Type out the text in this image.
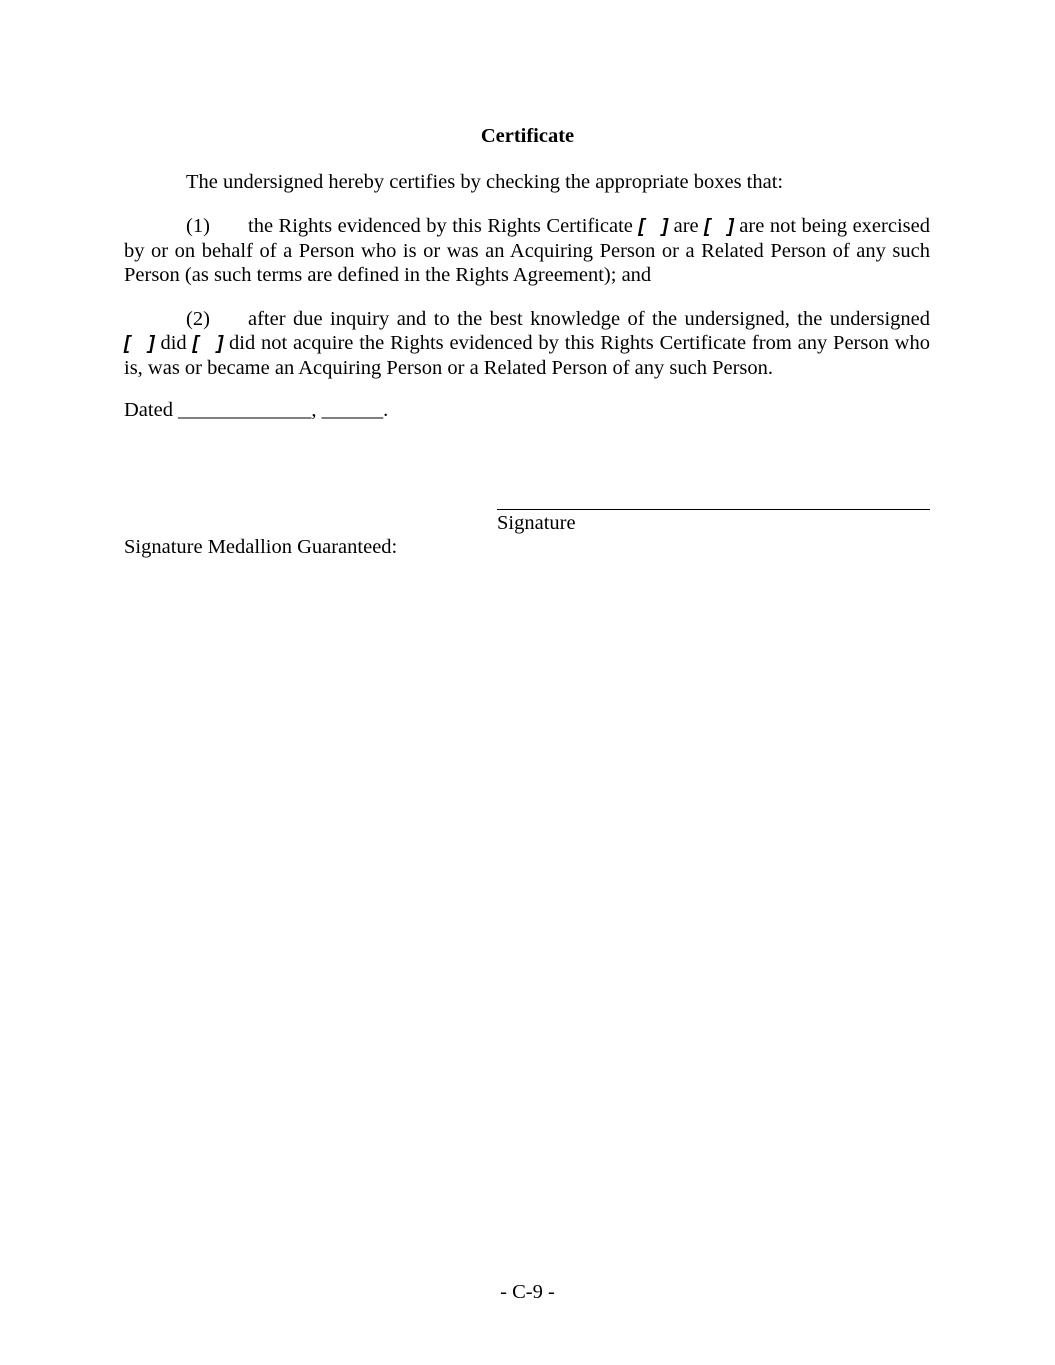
Certificate
The undersigned hereby certifies by checking the appropriate boxes that:
(1) the Rights evidenced by this Rights Certificate [   ] are [   ] are not being exercised by or on behalf of a Person who is or was an Acquiring Person or a Related Person of any such Person (as such terms are defined in the Rights Agreement); and
(2) after due inquiry and to the best knowledge of the undersigned, the undersigned [   ] did [   ] did not acquire the Rights evidenced by this Rights Certificate from any Person who is, was or became an Acquiring Person or a Related Person of any such Person.
Dated _____________, ______.
Signature
Signature Medallion Guaranteed:
- C-9 -
